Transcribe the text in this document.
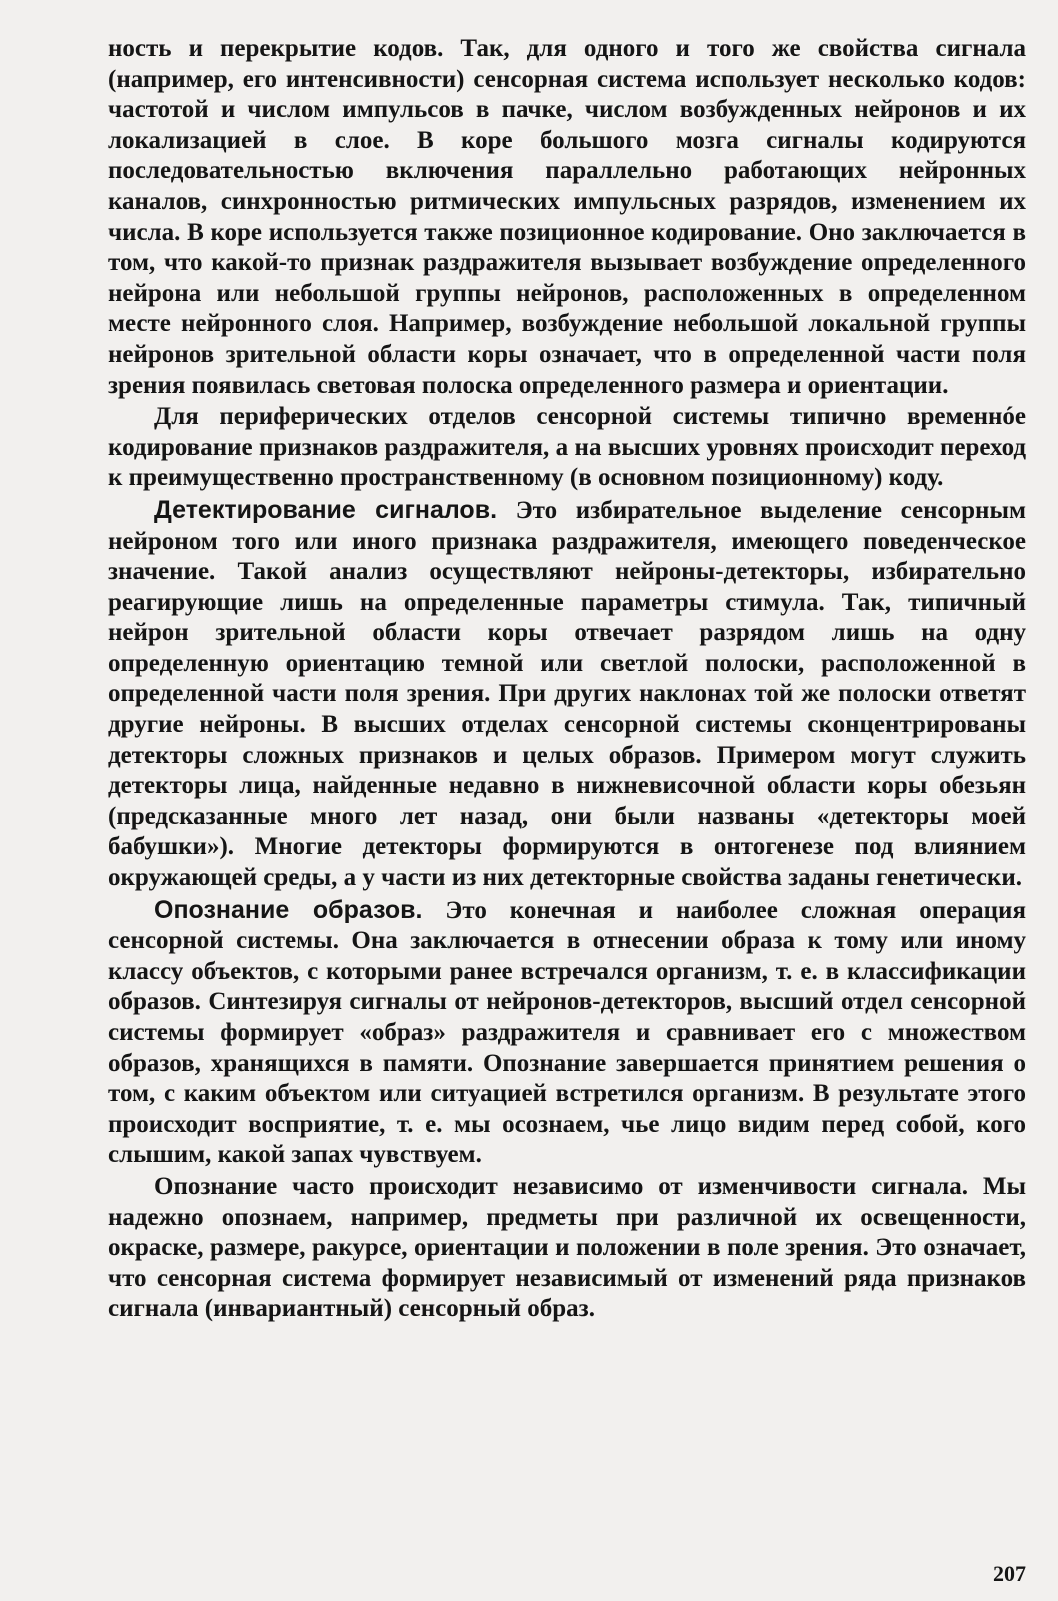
ность и перекрытие кодов. Так, для одного и того же свойства сигнала (например, его интенсивности) сенсорная система использует несколько кодов: частотой и числом импульсов в пачке, числом возбужденных нейронов и их локализацией в слое. В коре большого мозга сигналы кодируются последовательностью включения параллельно работающих нейронных каналов, синхронностью ритмических импульсных разрядов, изменением их числа. В коре используется также позиционное кодирование. Оно заключается в том, что какой-то признак раздражителя вызывает возбуждение определенного нейрона или небольшой группы нейронов, расположенных в определенном месте нейронного слоя. Например, возбуждение небольшой локальной группы нейронов зрительной области коры означает, что в определенной части поля зрения появилась световая полоска определенного размера и ориентации.

Для периферических отделов сенсорной системы типично временнóе кодирование признаков раздражителя, а на высших уровнях происходит переход к преимущественно пространственному (в основном позиционному) коду.

Детектирование сигналов. Это избирательное выделение сенсорным нейроном того или иного признака раздражителя, имеющего поведенческое значение. Такой анализ осуществляют нейроны-детекторы, избирательно реагирующие лишь на определенные параметры стимула. Так, типичный нейрон зрительной области коры отвечает разрядом лишь на одну определенную ориентацию темной или светлой полоски, расположенной в определенной части поля зрения. При других наклонах той же полоски ответят другие нейроны. В высших отделах сенсорной системы сконцентрированы детекторы сложных признаков и целых образов. Примером могут служить детекторы лица, найденные недавно в нижневисочной области коры обезьян (предсказанные много лет назад, они были названы «детекторы моей бабушки»). Многие детекторы формируются в онтогенезе под влиянием окружающей среды, а у части из них детекторные свойства заданы генетически.

Опознание образов. Это конечная и наиболее сложная операция сенсорной системы. Она заключается в отнесении образа к тому или иному классу объектов, с которыми ранее встречался организм, т. е. в классификации образов. Синтезируя сигналы от нейронов-детекторов, высший отдел сенсорной системы формирует «образ» раздражителя и сравнивает его с множеством образов, хранящихся в памяти. Опознание завершается принятием решения о том, с каким объектом или ситуацией встретился организм. В результате этого происходит восприятие, т. е. мы осознаем, чье лицо видим перед собой, кого слышим, какой запах чувствуем.

Опознание часто происходит независимо от изменчивости сигнала. Мы надежно опознаем, например, предметы при различной их освещенности, окраске, размере, ракурсе, ориентации и положении в поле зрения. Это означает, что сенсорная система формирует независимый от изменений ряда признаков сигнала (инвариантный) сенсорный образ.

207
